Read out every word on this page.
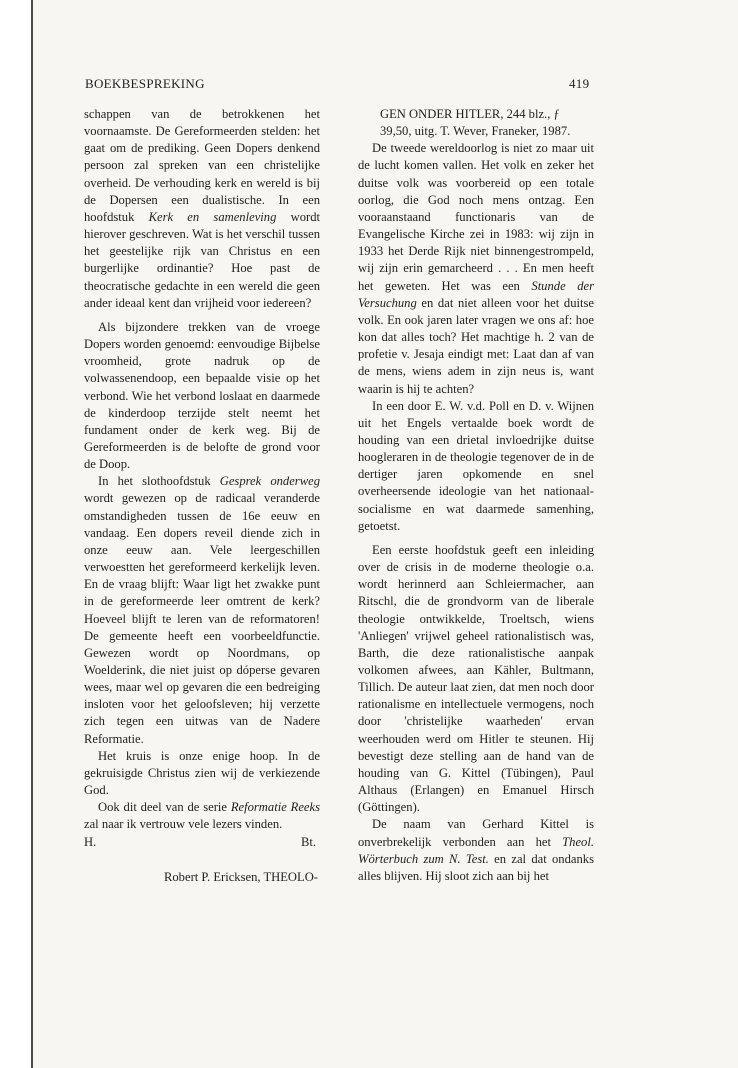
BOEKBESPREKING	419

schappen van de betrokkenen het voornaamste. De Gereformeerden stelden: het gaat om de prediking. Geen Dopers denkend persoon zal spreken van een christelijke overheid. De verhouding kerk en wereld is bij de Dopersen een dualistische. In een hoofdstuk Kerk en samenleving wordt hierover geschreven. Wat is het verschil tussen het geestelijke rijk van Christus en een burgerlijke ordinantie? Hoe past de theocratische gedachte in een wereld die geen ander ideaal kent dan vrijheid voor iedereen?

Als bijzondere trekken van de vroege Dopers worden genoemd: eenvoudige Bijbelse vroomheid, grote nadruk op de volwassenendoop, een bepaalde visie op het verbond. Wie het verbond loslaat en daarmede de kinderdoop terzijde stelt neemt het fundament onder de kerk weg. Bij de Gereformeerden is de belofte de grond voor de Doop.

In het slothoofdstuk Gesprek onderweg wordt gewezen op de radicaal veranderde omstandigheden tussen de 16e eeuw en vandaag. Een dopers reveil diende zich in onze eeuw aan. Vele leergeschillen verwoestten het gereformeerd kerkelijk leven. En de vraag blijft: Waar ligt het zwakke punt in de gereformeerde leer omtrent de kerk? Hoeveel blijft te leren van de reformatoren! De gemeente heeft een voorbeeldfunctie. Gewezen wordt op Noordmans, op Woelderink, die niet juist op dóperse gevaren wees, maar wel op gevaren die een bedreiging insloten voor het geloofsleven; hij verzette zich tegen een uitwas van de Nadere Reformatie.

Het kruis is onze enige hoop. In de gekruisigde Christus zien wij de verkiezende God.

Ook dit deel van de serie Reformatie Reeks zal naar ik vertrouw vele lezers vinden.

H.	Bt.

Robert P. Ericksen, THEOLO-

GEN ONDER HITLER, 244 blz., ƒ 39,50, uitg. T. Wever, Franeker, 1987.

De tweede wereldoorlog is niet zo maar uit de lucht komen vallen. Het volk en zeker het duitse volk was voorbereid op een totale oorlog, die God noch mens ontzag. Een vooraanstaand functionaris van de Evangelische Kirche zei in 1983: wij zijn in 1933 het Derde Rijk niet binnengestrompeld, wij zijn erin gemarcheerd . . . En men heeft het geweten. Het was een Stunde der Versuchung en dat niet alleen voor het duitse volk. En ook jaren later vragen we ons af: hoe kon dat alles toch? Het machtige h. 2 van de profetie v. Jesaja eindigt met: Laat dan af van de mens, wiens adem in zijn neus is, want waarin is hij te achten?

In een door E. W. v.d. Poll en D. v. Wijnen uit het Engels vertaalde boek wordt de houding van een drietal invloedrijke duitse hoogleraren in de theologie tegenover de in de dertiger jaren opkomende en snel overheersende ideologie van het nationaal-socialisme en wat daarmede samenhing, getoetst.

Een eerste hoofdstuk geeft een inleiding over de crisis in de moderne theologie o.a. wordt herinnerd aan Schleiermacher, aan Ritschl, die de grondvorm van de liberale theologie ontwikkelde, Troeltsch, wiens 'Anliegen' vrijwel geheel rationalistisch was, Barth, die deze rationalistische aanpak volkomen afwees, aan Kähler, Bultmann, Tillich. De auteur laat zien, dat men noch door rationalisme en intellectuele vermogens, noch door 'christelijke waarheden' ervan weerhouden werd om Hitler te steunen. Hij bevestigt deze stelling aan de hand van de houding van G. Kittel (Tübingen), Paul Althaus (Erlangen) en Emanuel Hirsch (Göttingen).

De naam van Gerhard Kittel is onverbrekelijk verbonden aan het Theol. Wörterbuch zum N. Test. en zal dat ondanks alles blijven. Hij sloot zich aan bij het
